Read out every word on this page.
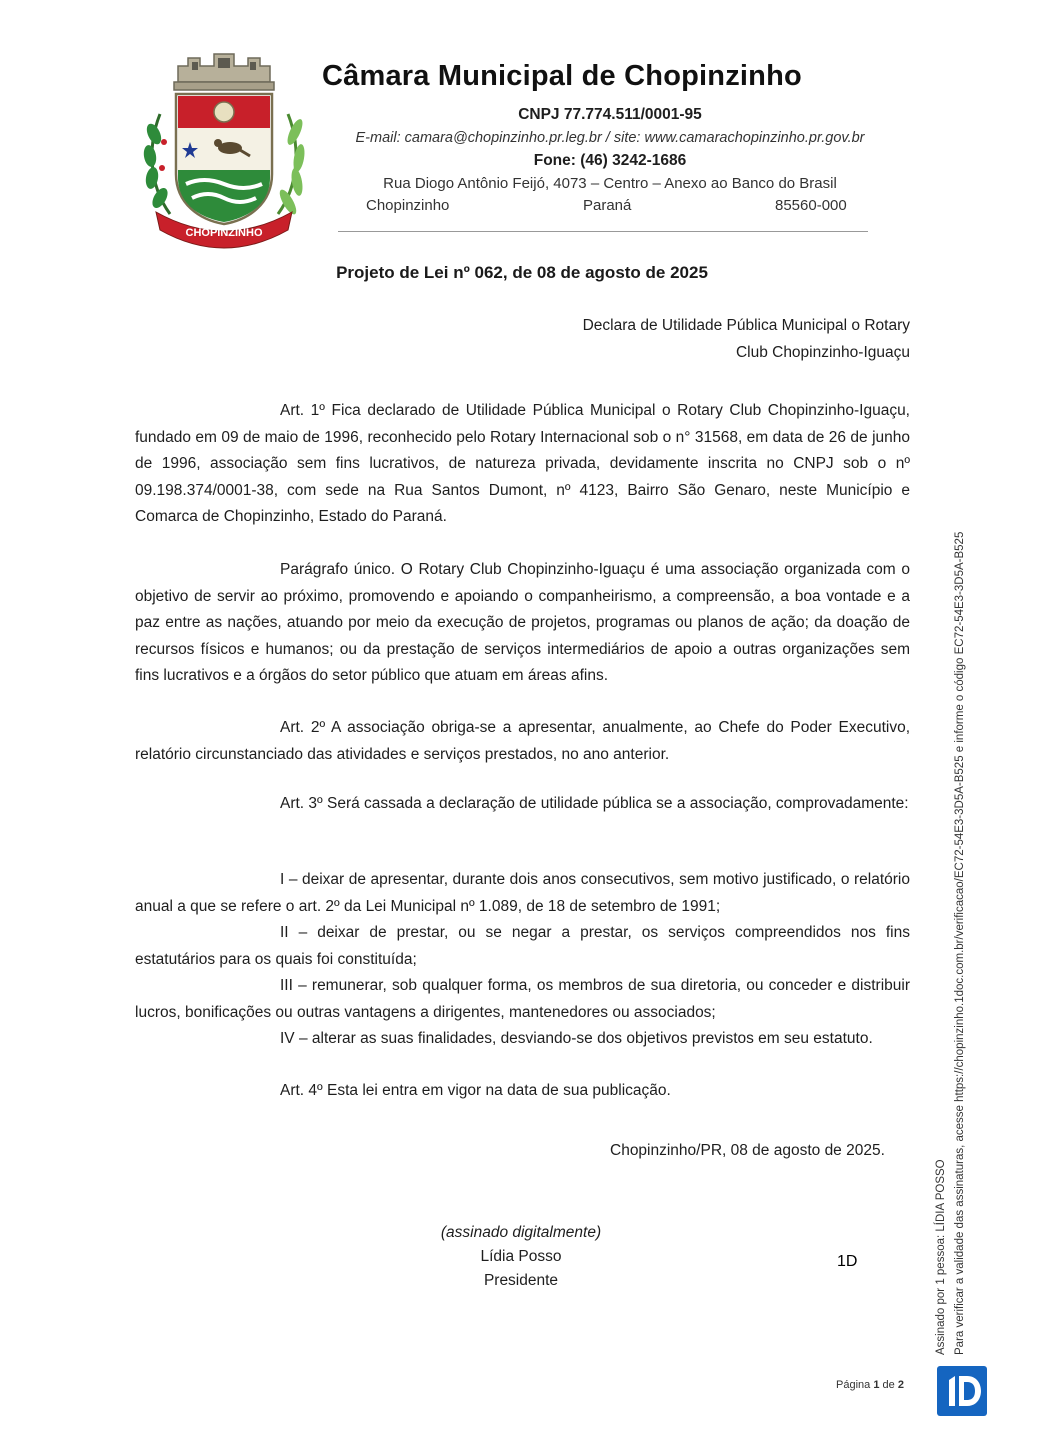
CHOPINZINHO
Câmara Municipal de Chopinzinho
CNPJ 77.774.511/0001-95
E-mail: camara@chopinzinho.pr.leg.br / site: www.camarachopinzinho.pr.gov.br
Fone: (46) 3242-1686
Rua Diogo Antônio Feijó, 4073 – Centro – Anexo ao Banco do Brasil
Chopinzinho	Paraná	85560-000
Projeto de Lei nº 062, de 08 de agosto de 2025
Declara de Utilidade Pública Municipal o Rotary
Club Chopinzinho-Iguaçu

Art. 1º Fica declarado de Utilidade Pública Municipal o Rotary Club Chopinzinho-Iguaçu, fundado em 09 de maio de 1996, reconhecido pelo Rotary Internacional sob o n° 31568, em data de 26 de junho de 1996, associação sem fins lucrativos, de natureza privada, devidamente inscrita no CNPJ sob o nº 09.198.374/0001-38, com sede na Rua Santos Dumont, nº 4123, Bairro São Genaro, neste Município e Comarca de Chopinzinho, Estado do Paraná.

Parágrafo único. O Rotary Club Chopinzinho-Iguaçu é uma associação organizada com o objetivo de servir ao próximo, promovendo e apoiando o companheirismo, a compreensão, a boa vontade e a paz entre as nações, atuando por meio da execução de projetos, programas ou planos de ação; da doação de recursos físicos e humanos; ou da prestação de serviços intermediários de apoio a outras organizações sem fins lucrativos e a órgãos do setor público que atuam em áreas afins.

Art. 2º A associação obriga-se a apresentar, anualmente, ao Chefe do Poder Executivo, relatório circunstanciado das atividades e serviços prestados, no ano anterior.

Art. 3º Será cassada a declaração de utilidade pública se a associação, comprovadamente:

I – deixar de apresentar, durante dois anos consecutivos, sem motivo justificado, o relatório anual a que se refere o art. 2º da Lei Municipal nº 1.089, de 18 de setembro de 1991;

II – deixar de prestar, ou se negar a prestar, os serviços compreendidos nos fins estatutários para os quais foi constituída;

III – remunerar, sob qualquer forma, os membros de sua diretoria, ou conceder e distribuir lucros, bonificações ou outras vantagens a dirigentes, mantenedores ou associados;

IV – alterar as suas finalidades, desviando-se dos objetivos previstos em seu estatuto.

Art. 4º Esta lei entra em vigor na data de sua publicação.

Chopinzinho/PR, 08 de agosto de 2025.

(assinado digitalmente)
Lídia Posso
Presidente	Assinado por 1 pessoa: LÍDIA POSSO Para verificar a validade das assinaturas, acesse https://chopinzinho.1doc.com.br/verificacao/EC72-54E3-3D5A-B525 e informe o código EC72-54E3-3D5A-B525
Página 1 de 2
1D
